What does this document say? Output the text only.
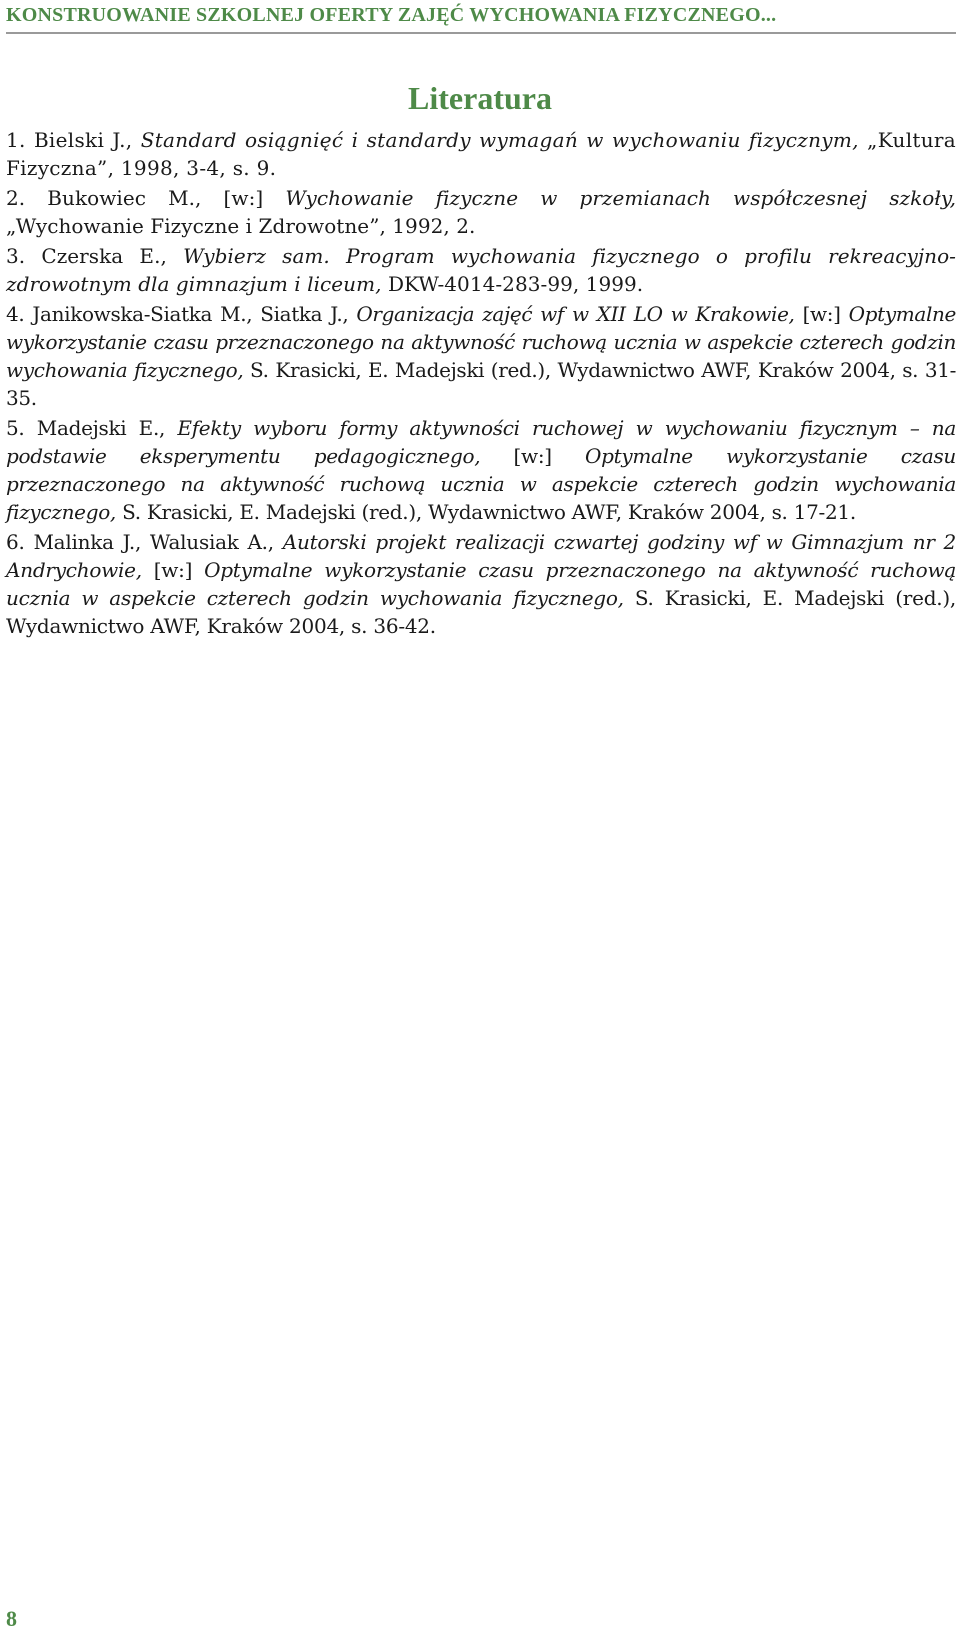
KONSTRUOWANIE SZKOLNEJ OFERTY ZAJĘĆ WYCHOWANIA FIZYCZNEGO...
Literatura
1. Bielski J., Standard osiągnięć i standardy wymagań w wychowaniu fizycznym, „Kultura Fizyczna”, 1998, 3-4, s. 9.
2. Bukowiec M., [w:] Wychowanie fizyczne w przemianach współczesnej szkoły, „Wychowanie Fizyczne i Zdrowotne”, 1992, 2.
3. Czerska E., Wybierz sam. Program wychowania fizycznego o profilu rekreacyjno-zdrowotnym dla gimnazjum i liceum, DKW-4014-283-99, 1999.
4. Janikowska-Siatka M., Siatka J., Organizacja zajęć wf w XII LO w Krakowie, [w:] Optymalne wykorzystanie czasu przeznaczonego na aktywność ruchową ucznia w aspekcie czterech godzin wychowania fizycznego, S. Krasicki, E. Madejski (red.), Wydawnictwo AWF, Kraków 2004, s. 31-35.
5. Madejski E., Efekty wyboru formy aktywności ruchowej w wychowaniu fizycznym – na podstawie eksperymentu pedagogicznego, [w:] Optymalne wykorzystanie czasu przeznaczonego na aktywność ruchową ucznia w aspekcie czterech godzin wychowania fizycznego, S. Krasicki, E. Madejski (red.), Wydawnictwo AWF, Kraków 2004, s. 17-21.
6. Malinka J., Walusiak A., Autorski projekt realizacji czwartej godziny wf w Gimnazjum nr 2 Andrychowie, [w:] Optymalne wykorzystanie czasu przeznaczonego na aktywność ruchową ucznia w aspekcie czterech godzin wychowania fizycznego, S. Krasicki, E. Madejski (red.), Wydawnictwo AWF, Kraków 2004, s. 36-42.
8
